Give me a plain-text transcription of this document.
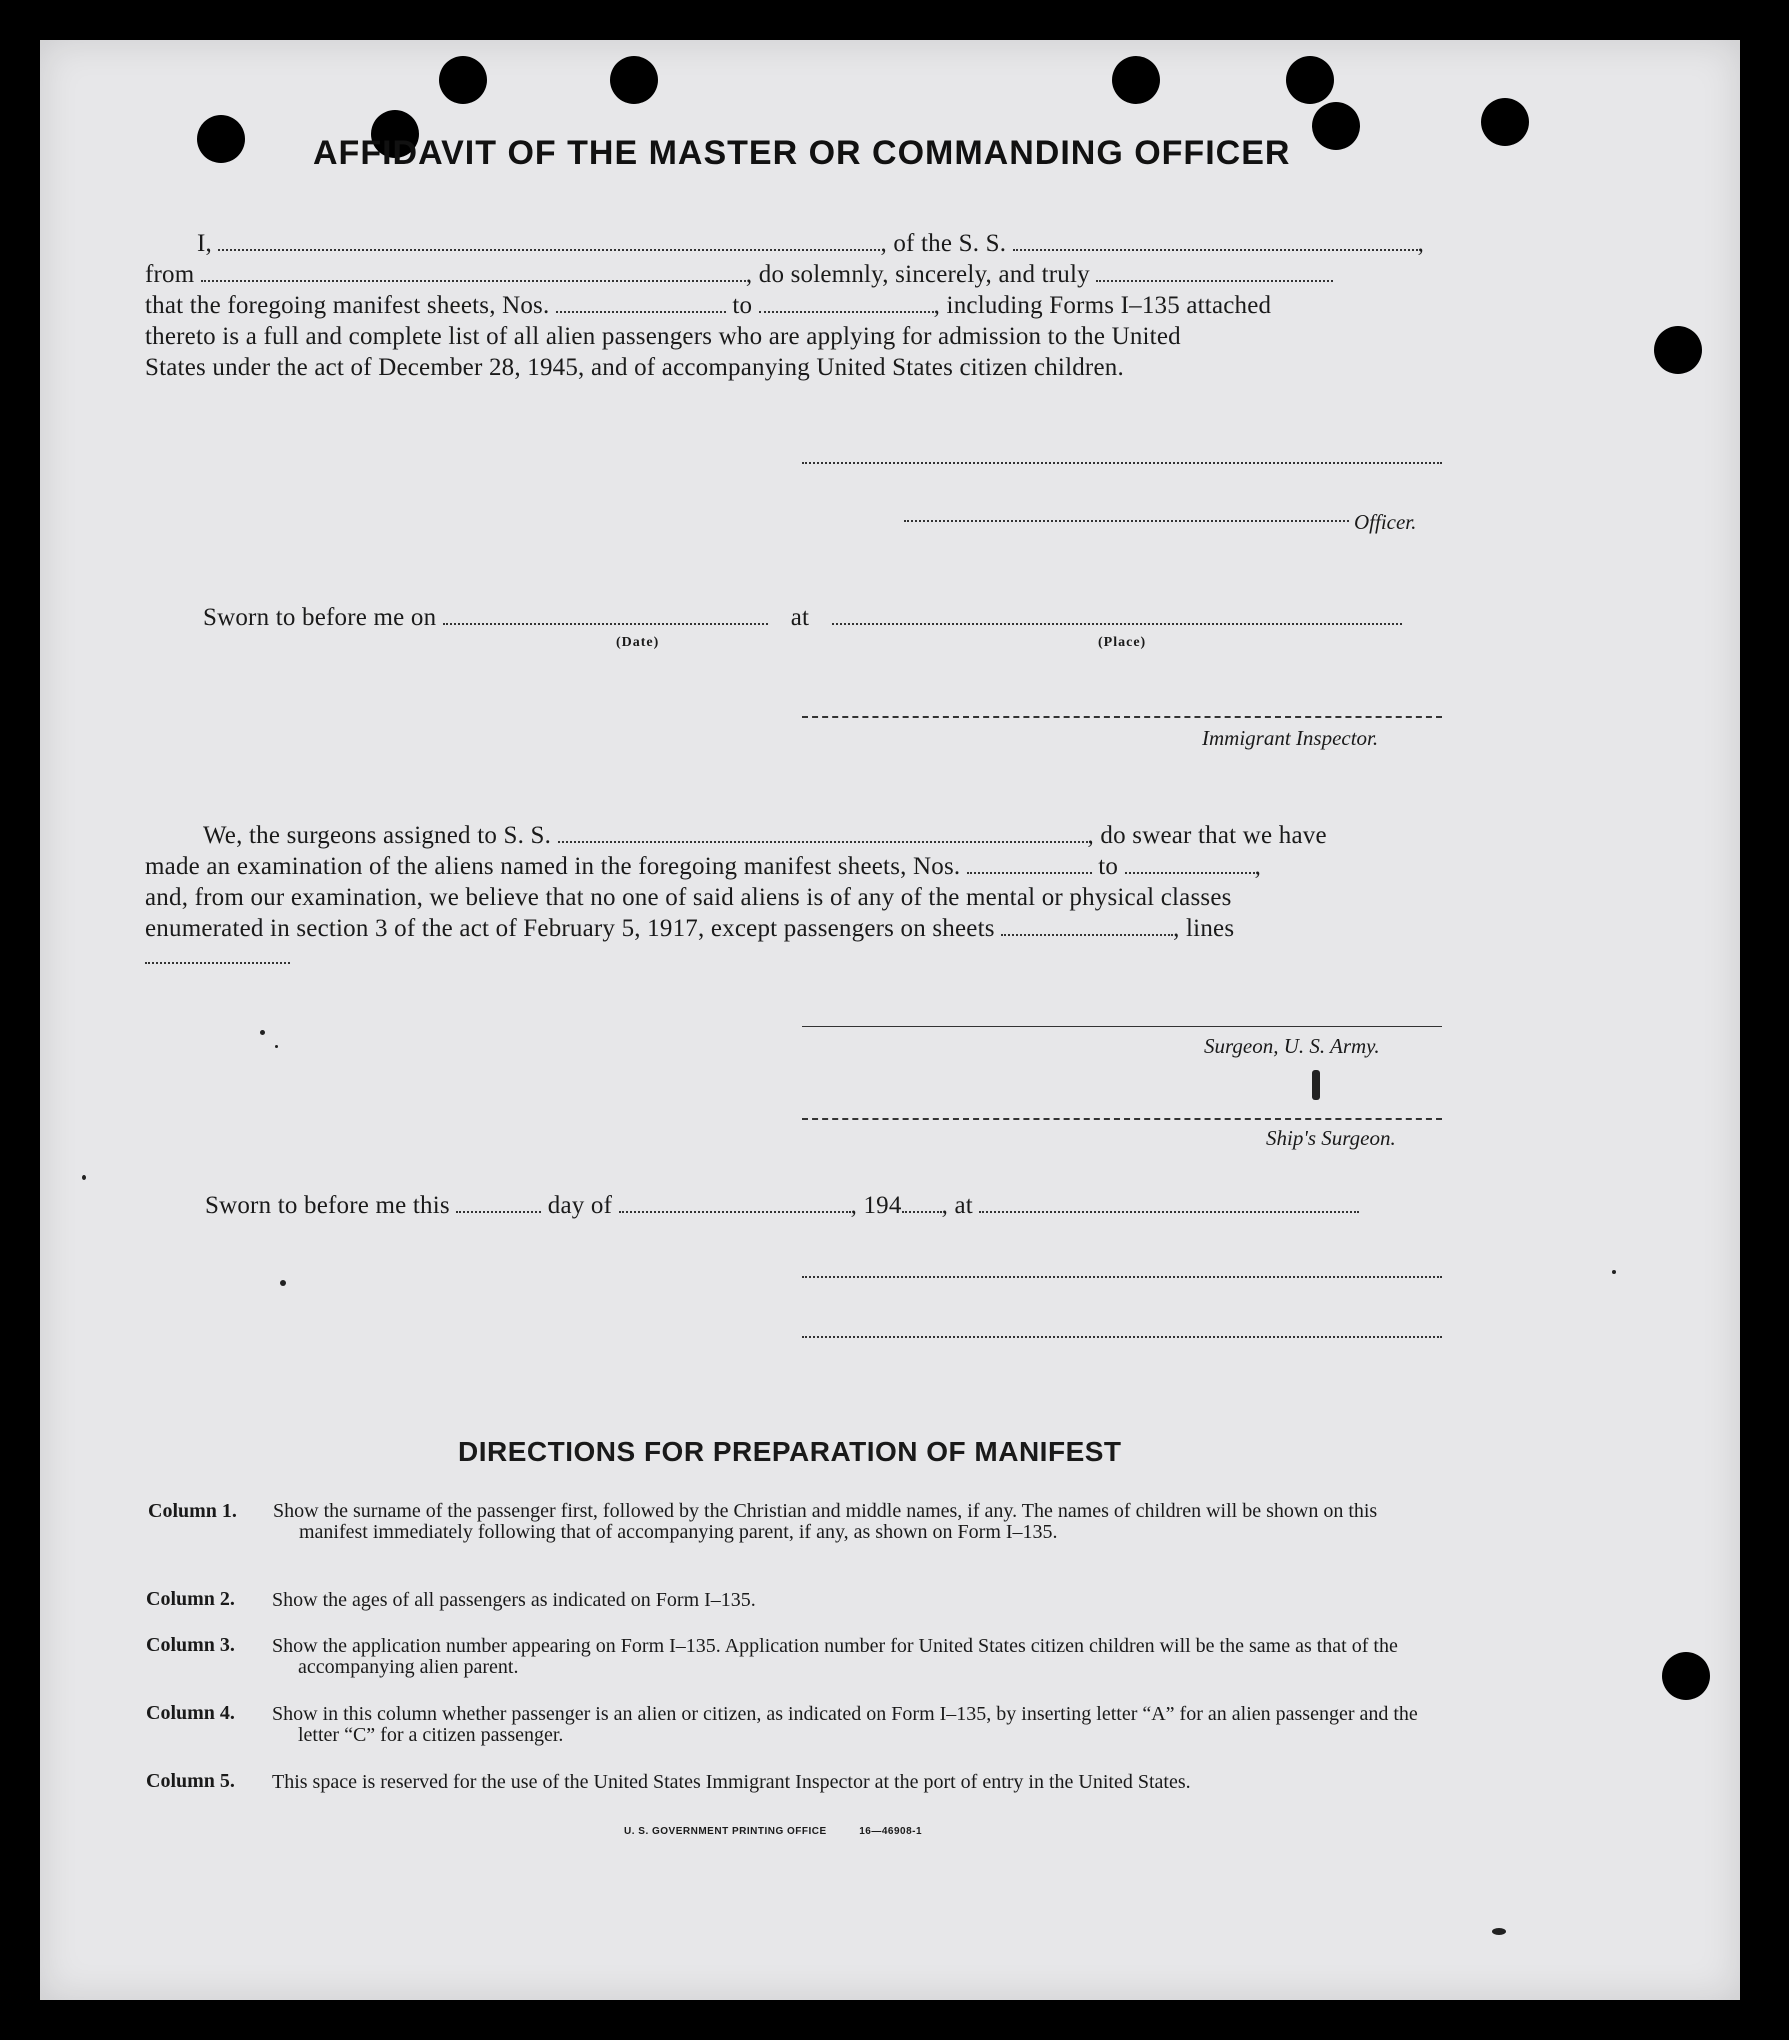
AFFIDAVIT OF THE MASTER OR COMMANDING OFFICER
I,	, of the S. S.	,
from	, do solemnly, sincerely, and truly
that the foregoing manifest sheets, Nos.	to	, including Forms I–135 attached
thereto is a full and complete list of all alien passengers who are applying for admission to the United
States under the act of December 28, 1945, and of accompanying United States citizen children.
Officer.
Sworn to before me on	at
(Date)	(Place)
Immigrant Inspector.
We, the surgeons assigned to S. S.	, do swear that we have
made an examination of the aliens named in the foregoing manifest sheets, Nos.	to	,
and, from our examination, we believe that no one of said aliens is of any of the mental or physical classes
enumerated in section 3 of the act of February 5, 1917, except passengers on sheets	, lines
Surgeon, U. S. Army.
Ship's Surgeon.
Sworn to before me this	day of	, 194 , at
DIRECTIONS FOR PREPARATION OF MANIFEST
Column 1. Show the surname of the passenger first, followed by the Christian and middle names, if any. The names of children will be shown on this manifest immediately following that of accompanying parent, if any, as shown on Form I–135.
Column 2. Show the ages of all passengers as indicated on Form I–135.
Column 3. Show the application number appearing on Form I–135. Application number for United States citizen children will be the same as that of the accompanying alien parent.
Column 4. Show in this column whether passenger is an alien or citizen, as indicated on Form I–135, by inserting letter “A” for an alien passenger and the letter “C” for a citizen passenger.
Column 5. This space is reserved for the use of the United States Immigrant Inspector at the port of entry in the United States.
U. S. GOVERNMENT PRINTING OFFICE	16—46908-1
